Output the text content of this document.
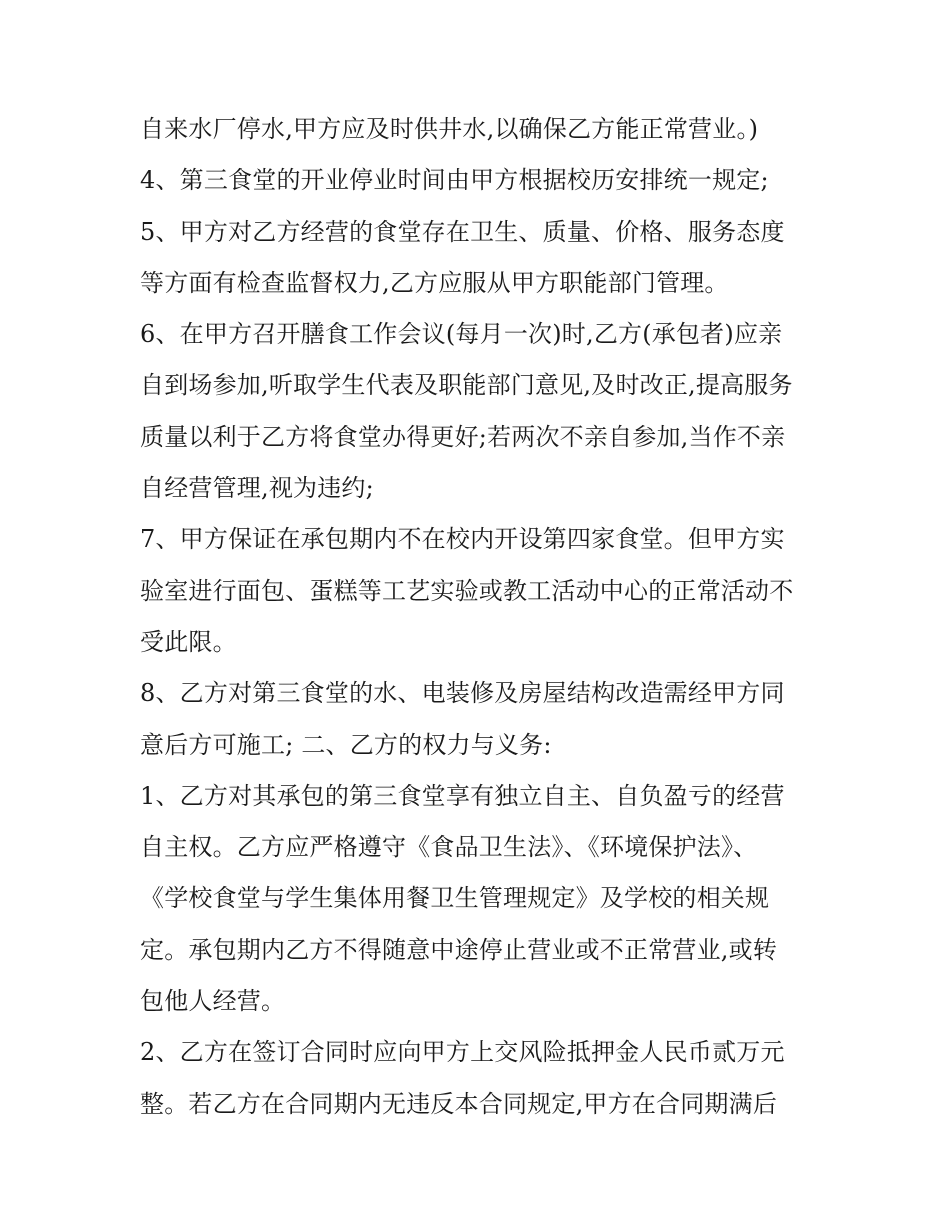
自来水厂停水,甲方应及时供井水,以确保乙方能正常营业。)
4、第三食堂的开业停业时间由甲方根据校历安排统一规定;
5、甲方对乙方经营的食堂存在卫生、质量、价格、服务态度
等方面有检查监督权力,乙方应服从甲方职能部门管理。
6、在甲方召开膳食工作会议(每月一次)时,乙方(承包者)应亲
自到场参加,听取学生代表及职能部门意见,及时改正,提高服务
质量以利于乙方将食堂办得更好;若两次不亲自参加,当作不亲
自经营管理,视为违约;
7、甲方保证在承包期内不在校内开设第四家食堂。但甲方实
验室进行面包、蛋糕等工艺实验或教工活动中心的正常活动不
受此限。
8、乙方对第三食堂的水、电装修及房屋结构改造需经甲方同
意后方可施工; 二、乙方的权力与义务:
1、乙方对其承包的第三食堂享有独立自主、自负盈亏的经营
自主权。乙方应严格遵守《食品卫生法》、《环境保护法》、
《学校食堂与学生集体用餐卫生管理规定》及学校的相关规
定。承包期内乙方不得随意中途停止营业或不正常营业,或转
包他人经营。
2、乙方在签订合同时应向甲方上交风险抵押金人民币贰万元
整。若乙方在合同期内无违反本合同规定,甲方在合同期满后
